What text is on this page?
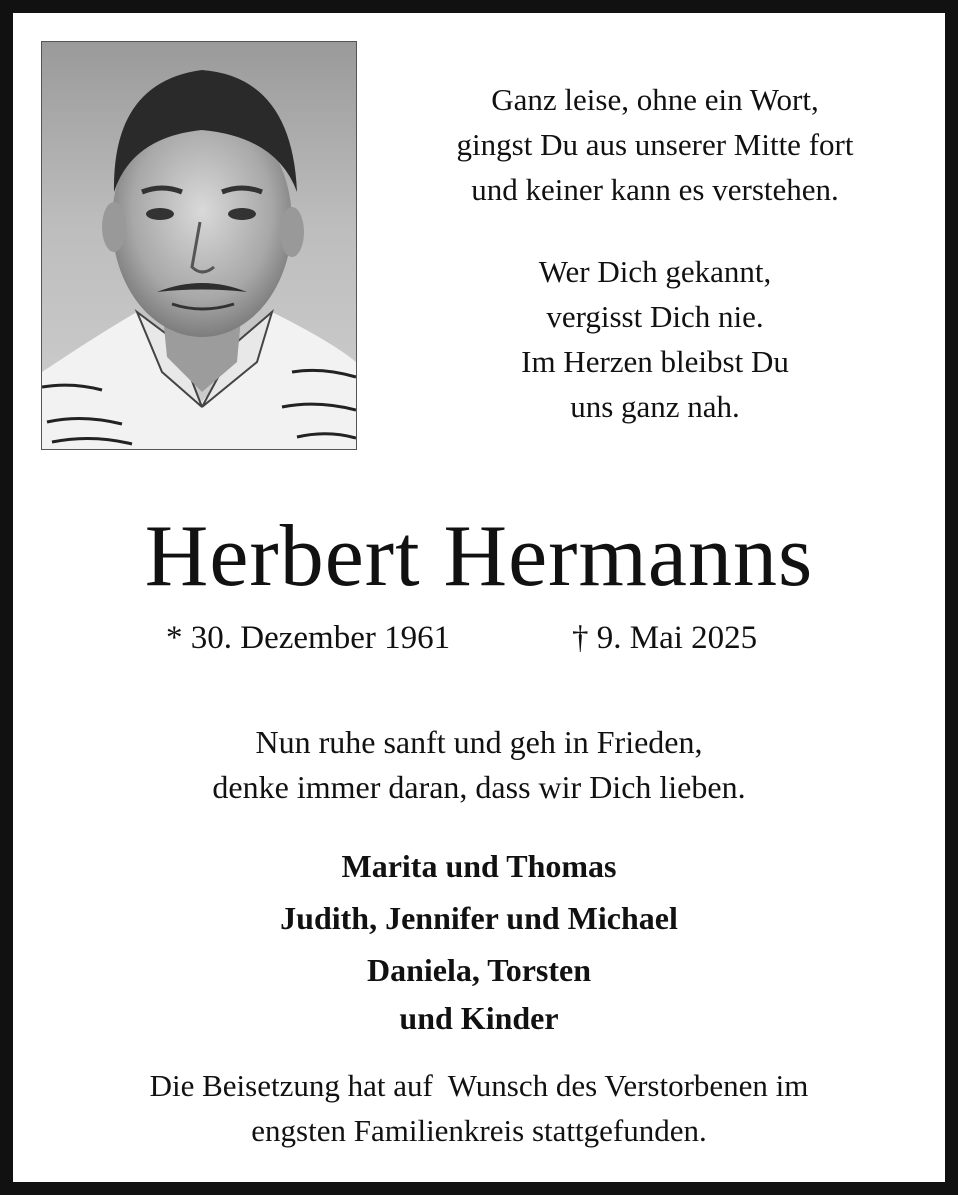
Ganz leise, ohne ein Wort,

gingst Du aus unserer Mitte fort

und keiner kann es verstehen.

Wer Dich gekannt,

vergisst Dich nie.

Im Herzen bleibst Du

uns ganz nah.

Herbert Hermanns
* 30. Dezember 1961	† 9. Mai 2025

Nun ruhe sanft und geh in Frieden,

denke immer daran, dass wir Dich lieben.

Marita und Thomas

Judith, Jennifer und Michael

Daniela, Torsten

und Kinder

Die Beisetzung hat auf  Wunsch des Verstorbenen im

engsten Familienkreis stattgefunden.
